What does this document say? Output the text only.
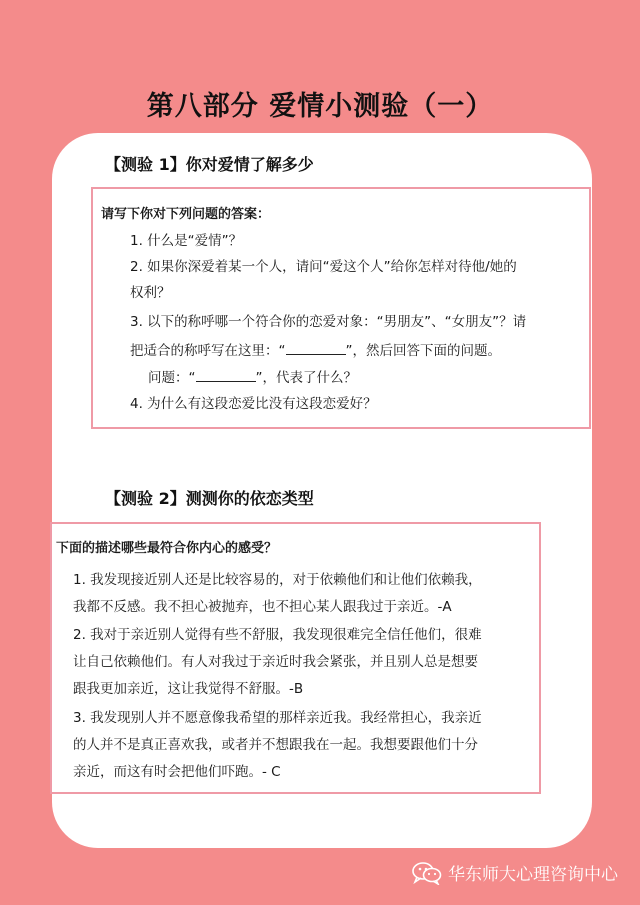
第八部分 爱情小测验（一）
【测验 1】你对爱情了解多少
请写下你对下列问题的答案：
1. 什么是“爱情”？
2. 如果你深爱着某一个人，请问“爱这个人”给你怎样对待他/她的
权利？
3. 以下的称呼哪一个符合你的恋爱对象：“男朋友”、“女朋友”？请
把适合的称呼写在这里：“	”，然后回答下面的问题。
问题：“	”，代表了什么？
4. 为什么有这段恋爱比没有这段恋爱好？
【测验 2】测测你的依恋类型
下面的描述哪些最符合你内心的感受？
1. 我发现接近别人还是比较容易的，对于依赖他们和让他们依赖我，
我都不反感。我不担心被抛弃，也不担心某人跟我过于亲近。-A
2. 我对于亲近别人觉得有些不舒服，我发现很难完全信任他们，很难
让自己依赖他们。有人对我过于亲近时我会紧张，并且别人总是想要
跟我更加亲近，这让我觉得不舒服。-B
3. 我发现别人并不愿意像我希望的那样亲近我。我经常担心，我亲近
的人并不是真正喜欢我，或者并不想跟我在一起。我想要跟他们十分
亲近，而这有时会把他们吓跑。- C
华东师大心理咨询中心
